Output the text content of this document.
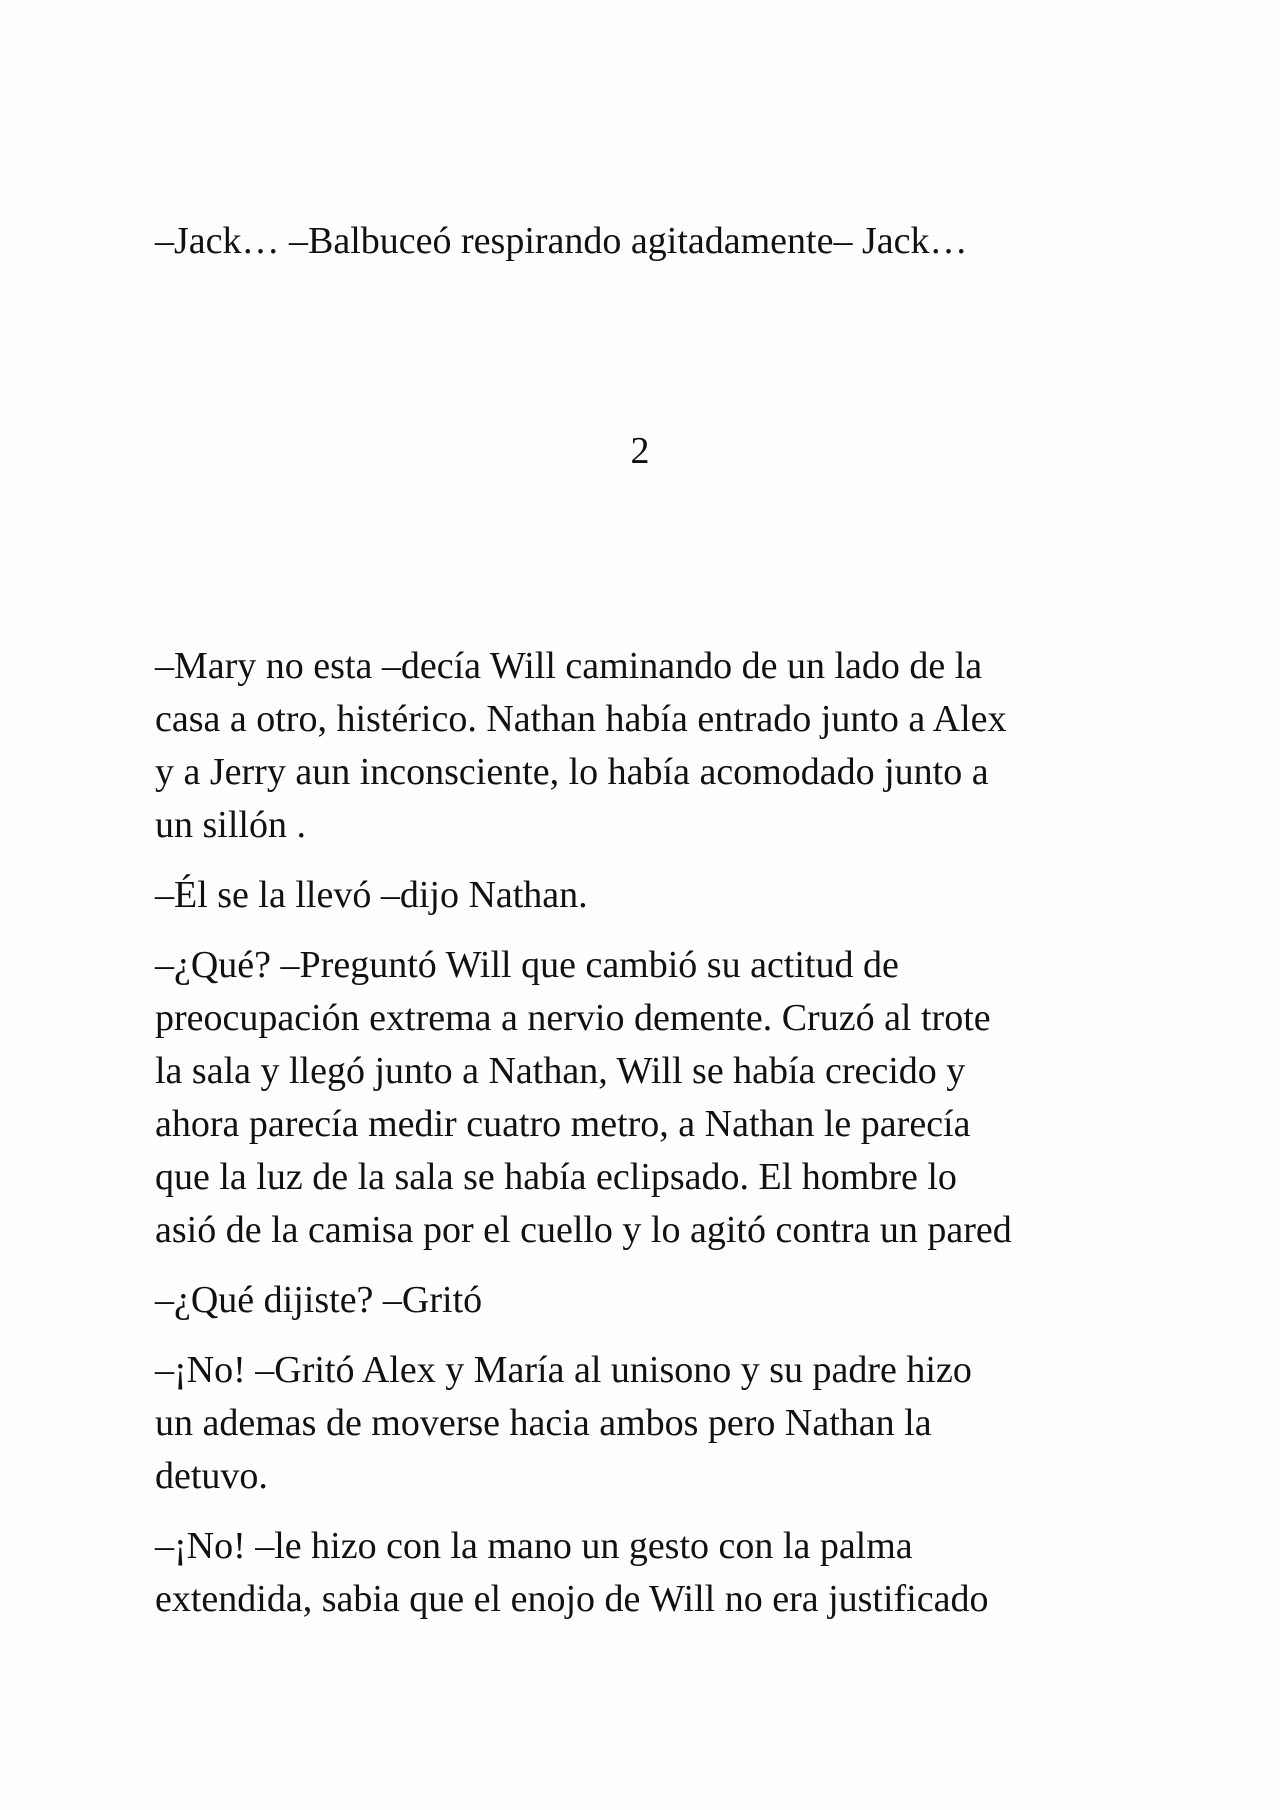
–Jack… –Balbuceó respirando agitadamente– Jack…

2

–Mary no esta –decía Will caminando de un lado de la

casa a otro, histérico. Nathan había entrado junto a Alex

y a Jerry aun inconsciente, lo había acomodado junto a

un sillón .

–Él se la llevó –dijo Nathan.

–¿Qué? –Preguntó Will que cambió su actitud de

preocupación extrema a nervio demente. Cruzó al trote

la sala y llegó junto a Nathan, Will se había crecido y

ahora parecía medir cuatro metro, a Nathan le parecía

que la luz de la sala se había eclipsado. El hombre lo

asió de la camisa por el cuello y lo agitó contra un pared

–¿Qué dijiste? –Gritó

–¡No! –Gritó Alex y María al unisono y su padre hizo

un ademas de moverse hacia ambos pero Nathan la

detuvo.

–¡No! –le hizo con la mano un gesto con la palma

extendida, sabia que el enojo de Will no era justificado
